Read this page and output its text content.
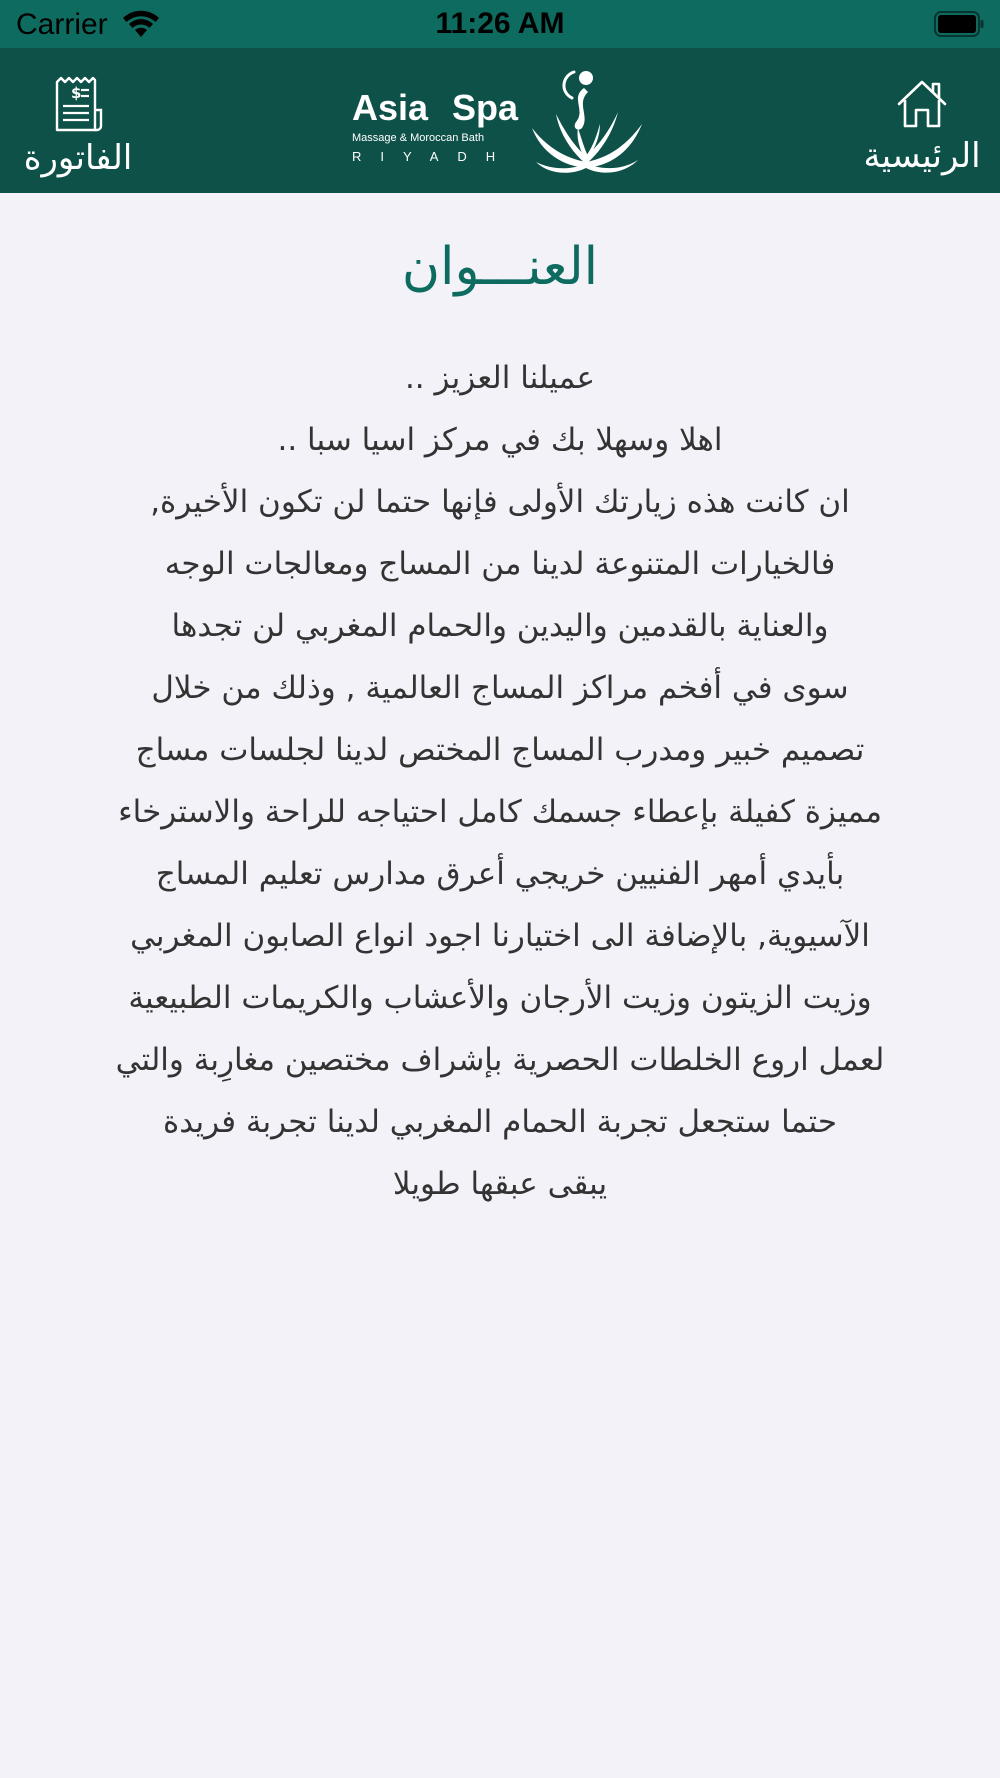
Carrier	11:26 AM
$
الفاتورة
Asia Spa
Massage & Moroccan Bath
RIYADH	الرئيسية
العنـــوان
عميلنا العزيز ..
اهلا وسهلا بك في مركز اسيا سبا ..
ان كانت هذه زيارتك الأولى فإنها حتما لن تكون الأخيرة,
فالخيارات المتنوعة لدينا من المساج ومعالجات الوجه
والعناية بالقدمين واليدين والحمام المغربي لن تجدها
سوى في أفخم مراكز المساج العالمية , وذلك من خلال
تصميم خبير ومدرب المساج المختص لدينا لجلسات مساج
مميزة كفيلة بإعطاء جسمك كامل احتياجه للراحة والاسترخاء
بأيدي أمهر الفنيين خريجي أعرق مدارس تعليم المساج
الآسيوية, بالإضافة الى اختيارنا اجود انواع الصابون المغربي
وزيت الزيتون وزيت الأرجان والأعشاب والكريمات الطبيعية
لعمل اروع الخلطات الحصرية بإشراف مختصين مغارِبة والتي
حتما ستجعل تجربة الحمام المغربي لدينا تجربة فريدة
يبقى عبقها طويلا
